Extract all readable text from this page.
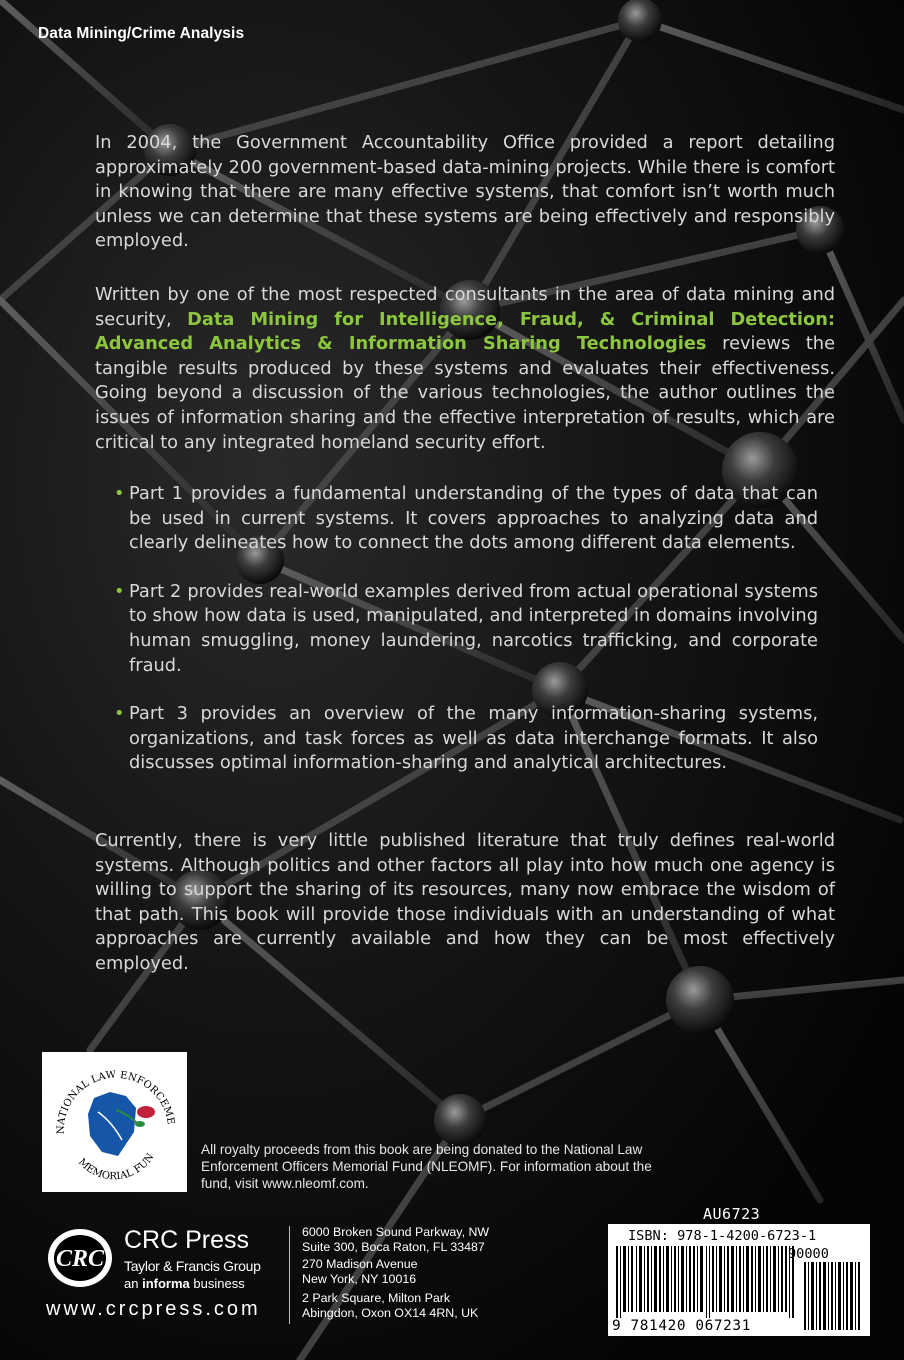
Data Mining/Crime Analysis
In 2004, the Government Accountability Office provided a report detailing approximately 200 government-based data-mining projects. While there is comfort in knowing that there are many effective systems, that comfort isn’t worth much unless we can determine that these systems are being effectively and responsibly employed.
Written by one of the most respected consultants in the area of data mining and security, Data Mining for Intelligence, Fraud, & Criminal Detection: Advanced Analytics & Information Sharing Technologies reviews the tangible results produced by these systems and evaluates their effectiveness. Going beyond a discussion of the various technologies, the author outlines the issues of information sharing and the effective interpretation of results, which are critical to any integrated homeland security effort.
• Part 1 provides a fundamental understanding of the types of data that can be used in current systems. It covers approaches to analyzing data and clearly delineates how to connect the dots among different data elements.
• Part 2 provides real-world examples derived from actual operational systems to show how data is used, manipulated, and interpreted in domains involving human smuggling, money laundering, narcotics trafficking, and corporate fraud.
• Part 3 provides an overview of the many information-sharing systems, organizations, and task forces as well as data interchange formats. It also discusses optimal information-sharing and analytical architectures.
Currently, there is very little published literature that truly defines real-world systems. Although politics and other factors all play into how much one agency is willing to support the sharing of its resources, many now embrace the wisdom of that path. This book will provide those individuals with an understanding of what approaches are currently available and how they can be most effectively employed.
NATIONAL LAW ENFORCEME
MEMORIAL FUN
All royalty proceeds from this book are being donated to the National Law Enforcement Officers Memorial Fund (NLEOMF). For information about the fund, visit www.nleomf.com.
AU6723
ISBN: 978-1-4200-6723-1
90000
9 781420 067231
CRC
CRC Press
Taylor & Francis Group
an informa business
www.crcpress.com
6000 Broken Sound Parkway, NW
Suite 300, Boca Raton, FL 33487
270 Madison Avenue
New York, NY 10016
2 Park Square, Milton Park
Abingdon, Oxon OX14 4RN, UK
